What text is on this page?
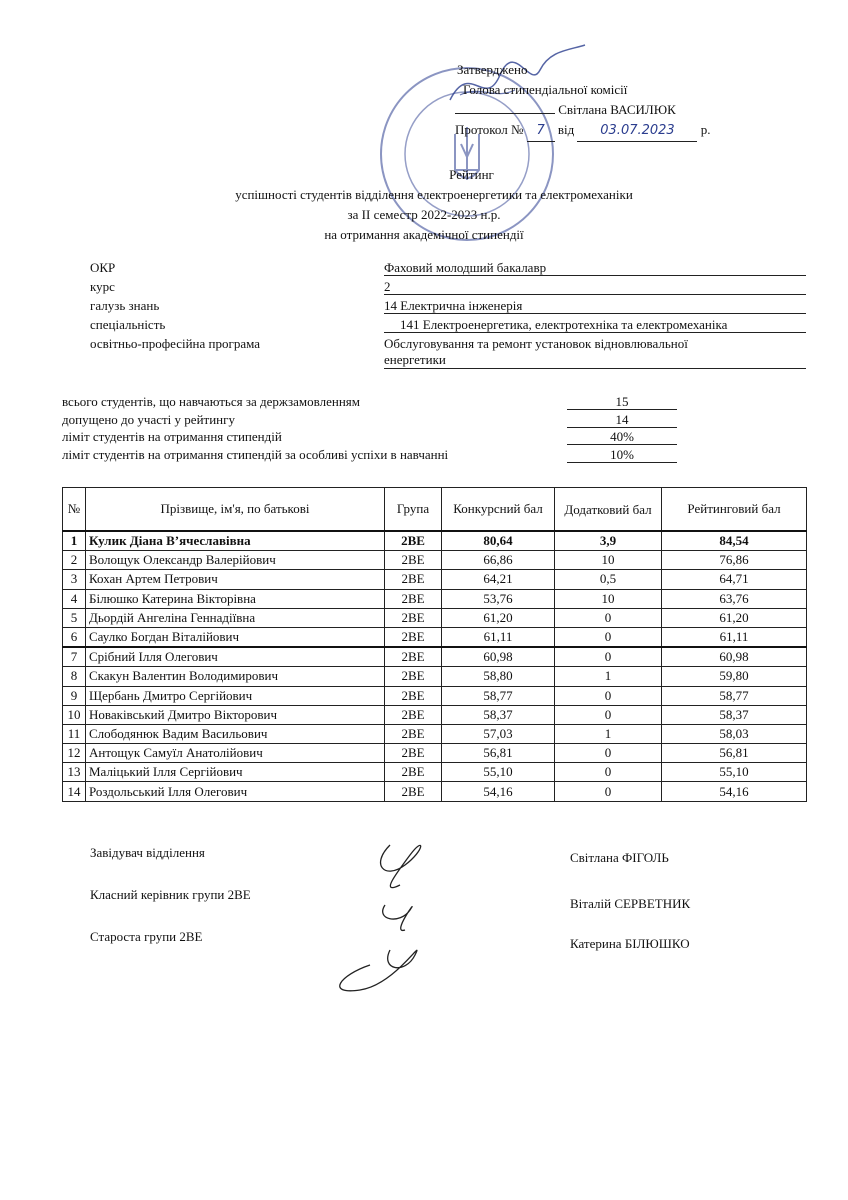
Затверджено
Голова стипендіальної комісії
Світлана ВАСИЛЮК
Протокол № 7 від 03.07.2023 р.
Рейтинг
успішності студентів відділення електроенергетики та електромеханіки
за II семестр 2022-2023 н.р.
на отримання академічної стипендії
ОКР	Фаховий молодший бакалавр
курс	2
галузь знань	14 Електрична інженерія
спеціальність	141 Електроенергетика, електротехніка та електромеханіка
освітньо-професійна програма	Обслуговування та ремонт установок відновлювальної
енергетики
всього студентів, що навчаються за держзамовленням	15
допущено до участі у рейтингу	14
ліміт студентів на отримання стипендій	40%
ліміт студентів на отримання стипендій за особливі успіхи в навчанні	10%
№	Прізвище, ім'я, по батькові	Група	Конкурсний бал	Додатковий бал	Рейтинговий бал
1	Кулик Діана В’ячеславівна	2ВЕ	80,64	3,9	84,54
2	Волощук Олександр Валерійович	2ВЕ	66,86	10	76,86
3	Кохан Артем Петрович	2ВЕ	64,21	0,5	64,71
4	Білюшко Катерина Вікторівна	2ВЕ	53,76	10	63,76
5	Дьордій Ангеліна Геннадіївна	2ВЕ	61,20	0	61,20
6	Саулко Богдан Віталійович	2ВЕ	61,11	0	61,11
7	Срібний Ілля Олегович	2ВЕ	60,98	0	60,98
8	Скакун Валентин Володимирович	2ВЕ	58,80	1	59,80
9	Щербань Дмитро Сергійович	2ВЕ	58,77	0	58,77
10	Новаківський Дмитро Вікторович	2ВЕ	58,37	0	58,37
11	Слободянюк Вадим Васильович	2ВЕ	57,03	1	58,03
12	Антощук Самуїл Анатолійович	2ВЕ	56,81	0	56,81
13	Маліцький Ілля Сергійович	2ВЕ	55,10	0	55,10
14	Роздольський Ілля Олегович	2ВЕ	54,16	0	54,16
Завідувач відділення
Класний керівник групи 2ВЕ
Староста групи 2ВЕ
Світлана ФІГОЛЬ
Віталій СЕРВЕТНИК
Катерина БІЛЮШКО
